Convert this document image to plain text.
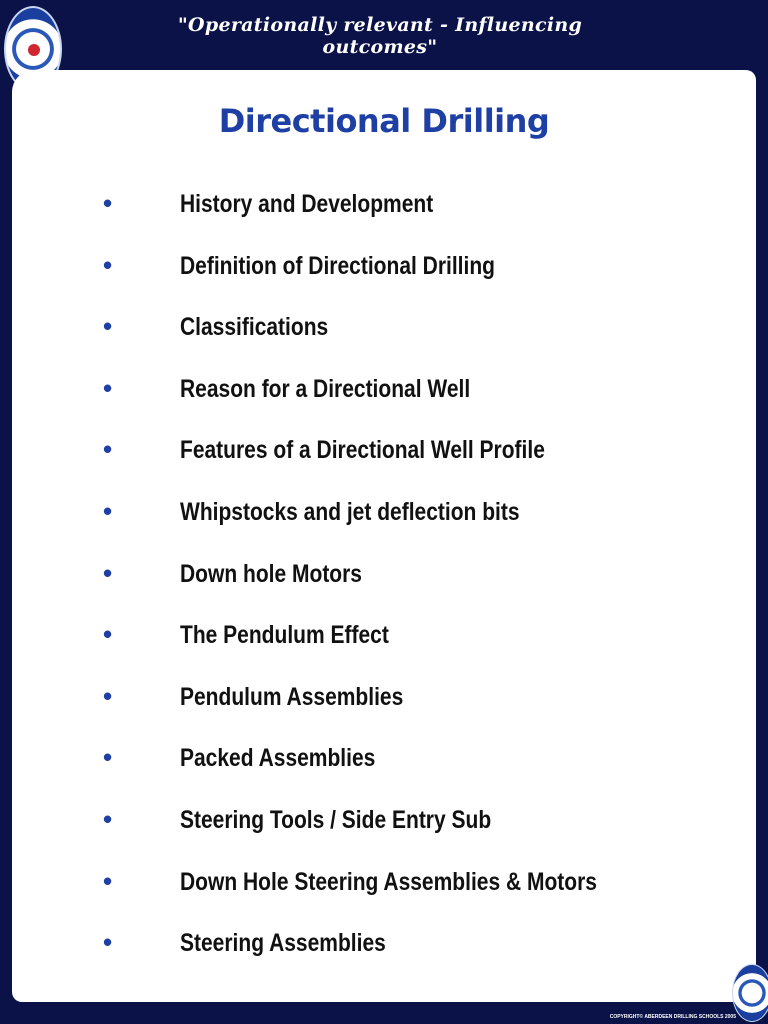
"Operationally relevant - Influencing outcomes"
Directional Drilling
•	History and Development
•	Definition of Directional Drilling
•	Classifications
•	Reason for a Directional Well
•	Features of a Directional Well Profile
•	Whipstocks and jet deflection bits
•	Down hole Motors
•	The Pendulum Effect
•	Pendulum Assemblies
•	Packed Assemblies
•	Steering Tools / Side Entry Sub
•	Down Hole Steering Assemblies & Motors
•	Steering Assemblies
COPYRIGHT© ABERDEEN DRILLING SCHOOLS 2005
